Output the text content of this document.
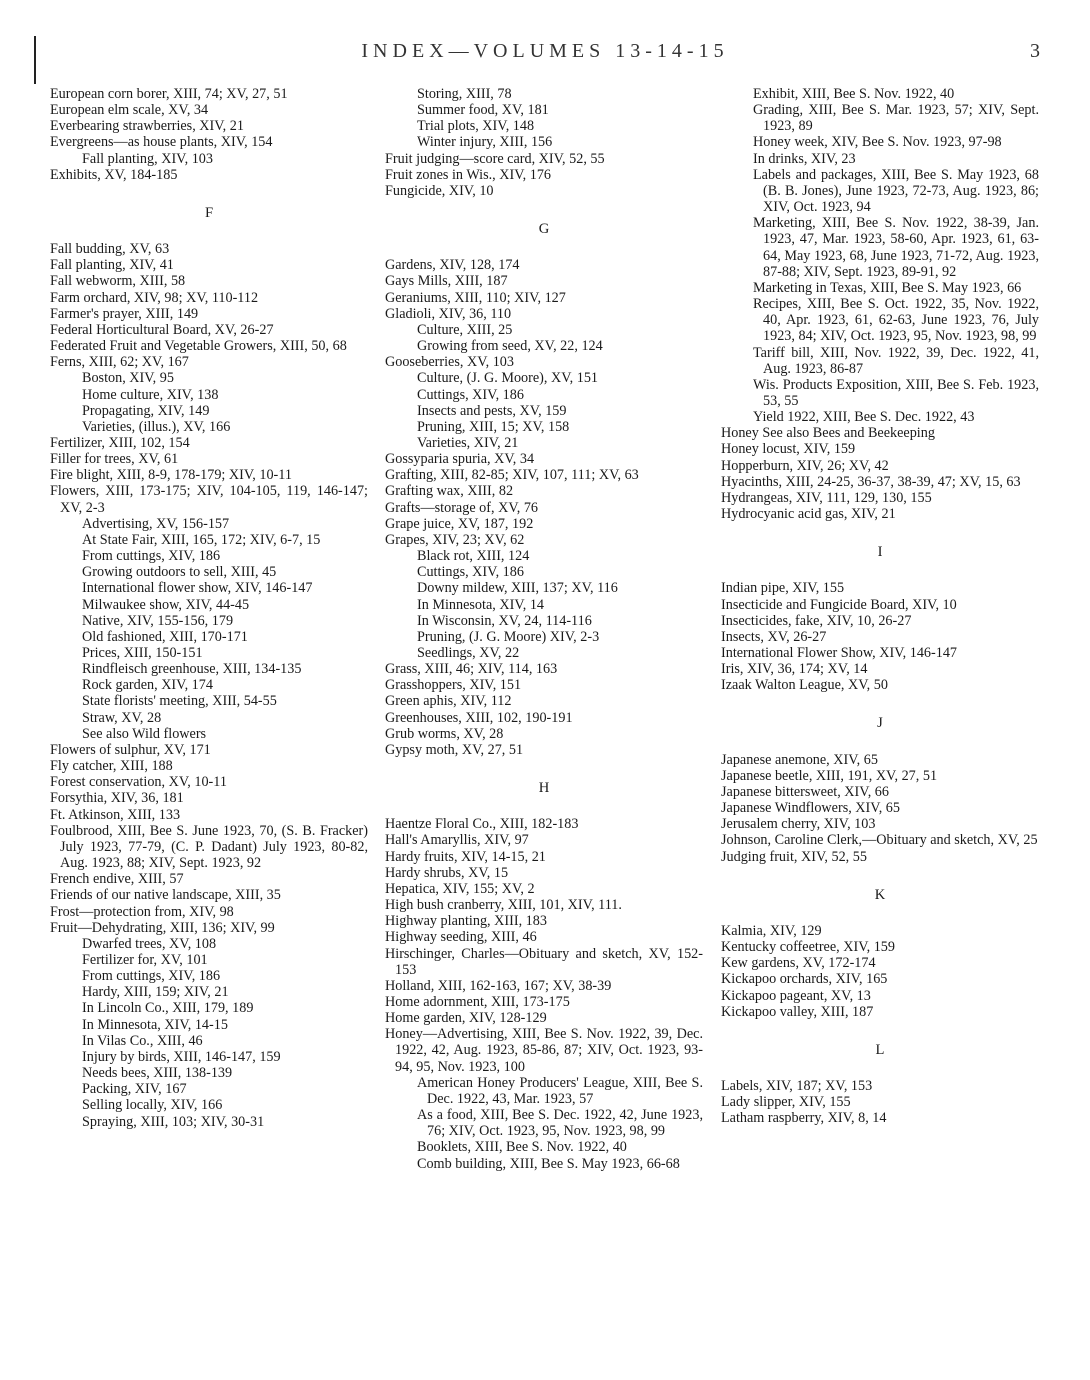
INDEX—VOLUMES 13-14-15	3
European corn borer, XIII, 74; XV, 27, 51
European elm scale, XV, 34
Everbearing strawberries, XIV, 21
Evergreens—as house plants, XIV, 154
Fall planting, XIV, 103
Exhibits, XV, 184-185
F
Fall budding, XV, 63
Fall planting, XIV, 41
Fall webworm, XIII, 58
Farm orchard, XIV, 98; XV, 110-112
Farmer's prayer, XIII, 149
Federal Horticultural Board, XV, 26-27
Federated Fruit and Vegetable Growers, XIII, 50, 68
Ferns, XIII, 62; XV, 167
Boston, XIV, 95
Home culture, XIV, 138
Propagating, XIV, 149
Varieties, (illus.), XV, 166
Fertilizer, XIII, 102, 154
Filler for trees, XV, 61
Fire blight, XIII, 8-9, 178-179; XIV, 10-11
Flowers, XIII, 173-175; XIV, 104-105, 119, 146-147; XV, 2-3
Advertising, XV, 156-157
At State Fair, XIII, 165, 172; XIV, 6-7, 15
From cuttings, XIV, 186
Growing outdoors to sell, XIII, 45
International flower show, XIV, 146-147
Milwaukee show, XIV, 44-45
Native, XIV, 155-156, 179
Old fashioned, XIII, 170-171
Prices, XIII, 150-151
Rindfleisch greenhouse, XIII, 134-135
Rock garden, XIV, 174
State florists' meeting, XIII, 54-55
Straw, XV, 28
See also Wild flowers
Flowers of sulphur, XV, 171
Fly catcher, XIII, 188
Forest conservation, XV, 10-11
Forsythia, XIV, 36, 181
Ft. Atkinson, XIII, 133
Foulbrood, XIII, Bee S. June 1923, 70, (S. B. Fracker) July 1923, 77-79, (C. P. Dadant) July 1923, 80-82, Aug. 1923, 88; XIV, Sept. 1923, 92
French endive, XIII, 57
Friends of our native landscape, XIII, 35
Frost—protection from, XIV, 98
Fruit—Dehydrating, XIII, 136; XIV, 99
Dwarfed trees, XV, 108
Fertilizer for, XV, 101
From cuttings, XIV, 186
Hardy, XIII, 159; XIV, 21
In Lincoln Co., XIII, 179, 189
In Minnesota, XIV, 14-15
In Vilas Co., XIII, 46
Injury by birds, XIII, 146-147, 159
Needs bees, XIII, 138-139
Packing, XIV, 167
Selling locally, XIV, 166
Spraying, XIII, 103; XIV, 30-31
Storing, XIII, 78
Summer food, XV, 181
Trial plots, XIV, 148
Winter injury, XIII, 156
Fruit judging—score card, XIV, 52, 55
Fruit zones in Wis., XIV, 176
Fungicide, XIV, 10
G
Gardens, XIV, 128, 174
Gays Mills, XIII, 187
Geraniums, XIII, 110; XIV, 127
Gladioli, XIV, 36, 110
Culture, XIII, 25
Growing from seed, XV, 22, 124
Gooseberries, XV, 103
Culture, (J. G. Moore), XV, 151
Cuttings, XIV, 186
Insects and pests, XV, 159
Pruning, XIII, 15; XV, 158
Varieties, XIV, 21
Gossyparia spuria, XV, 34
Grafting, XIII, 82-85; XIV, 107, 111; XV, 63
Grafting wax, XIII, 82
Grafts—storage of, XV, 76
Grape juice, XV, 187, 192
Grapes, XIV, 23; XV, 62
Black rot, XIII, 124
Cuttings, XIV, 186
Downy mildew, XIII, 137; XV, 116
In Minnesota, XIV, 14
In Wisconsin, XV, 24, 114-116
Pruning, (J. G. Moore) XIV, 2-3
Seedlings, XV, 22
Grass, XIII, 46; XIV, 114, 163
Grasshoppers, XIV, 151
Green aphis, XIV, 112
Greenhouses, XIII, 102, 190-191
Grub worms, XV, 28
Gypsy moth, XV, 27, 51
H
Haentze Floral Co., XIII, 182-183
Hall's Amaryllis, XIV, 97
Hardy fruits, XIV, 14-15, 21
Hardy shrubs, XV, 15
Hepatica, XIV, 155; XV, 2
High bush cranberry, XIII, 101, XIV, 111.
Highway planting, XIII, 183
Highway seeding, XIII, 46
Hirschinger, Charles—Obituary and sketch, XV, 152-153
Holland, XIII, 162-163, 167; XV, 38-39
Home adornment, XIII, 173-175
Home garden, XIV, 128-129
Honey—Advertising, XIII, Bee S. Nov. 1922, 39, Dec. 1922, 42, Aug. 1923, 85-86, 87; XIV, Oct. 1923, 93-94, 95, Nov. 1923, 100
American Honey Producers' League, XIII, Bee S. Dec. 1922, 43, Mar. 1923, 57
As a food, XIII, Bee S. Dec. 1922, 42, June 1923, 76; XIV, Oct. 1923, 95, Nov. 1923, 98, 99
Booklets, XIII, Bee S. Nov. 1922, 40
Comb building, XIII, Bee S. May 1923, 66-68
Exhibit, XIII, Bee S. Nov. 1922, 40
Grading, XIII, Bee S. Mar. 1923, 57; XIV, Sept. 1923, 89
Honey week, XIV, Bee S. Nov. 1923, 97-98
In drinks, XIV, 23
Labels and packages, XIII, Bee S. May 1923, 68 (B. B. Jones), June 1923, 72-73, Aug. 1923, 86; XIV, Oct. 1923, 94
Marketing, XIII, Bee S. Nov. 1922, 38-39, Jan. 1923, 47, Mar. 1923, 58-60, Apr. 1923, 61, 63-64, May 1923, 68, June 1923, 71-72, Aug. 1923, 87-88; XIV, Sept. 1923, 89-91, 92
Marketing in Texas, XIII, Bee S. May 1923, 66
Recipes, XIII, Bee S. Oct. 1922, 35, Nov. 1922, 40, Apr. 1923, 61, 62-63, June 1923, 76, July 1923, 84; XIV, Oct. 1923, 95, Nov. 1923, 98, 99
Tariff bill, XIII, Nov. 1922, 39, Dec. 1922, 41, Aug. 1923, 86-87
Wis. Products Exposition, XIII, Bee S. Feb. 1923, 53, 55
Yield 1922, XIII, Bee S. Dec. 1922, 43
Honey See also Bees and Beekeeping
Honey locust, XIV, 159
Hopperburn, XIV, 26; XV, 42
Hyacinths, XIII, 24-25, 36-37, 38-39, 47; XV, 15, 63
Hydrangeas, XIV, 111, 129, 130, 155
Hydrocyanic acid gas, XIV, 21
I
Indian pipe, XIV, 155
Insecticide and Fungicide Board, XIV, 10
Insecticides, fake, XIV, 10, 26-27
Insects, XV, 26-27
International Flower Show, XIV, 146-147
Iris, XIV, 36, 174; XV, 14
Izaak Walton League, XV, 50
J
Japanese anemone, XIV, 65
Japanese beetle, XIII, 191, XV, 27, 51
Japanese bittersweet, XIV, 66
Japanese Windflowers, XIV, 65
Jerusalem cherry, XIV, 103
Johnson, Caroline Clerk,—Obituary and sketch, XV, 25
Judging fruit, XIV, 52, 55
K
Kalmia, XIV, 129
Kentucky coffeetree, XIV, 159
Kew gardens, XV, 172-174
Kickapoo orchards, XIV, 165
Kickapoo pageant, XV, 13
Kickapoo valley, XIII, 187
L
Labels, XIV, 187; XV, 153
Lady slipper, XIV, 155
Latham raspberry, XIV, 8, 14
